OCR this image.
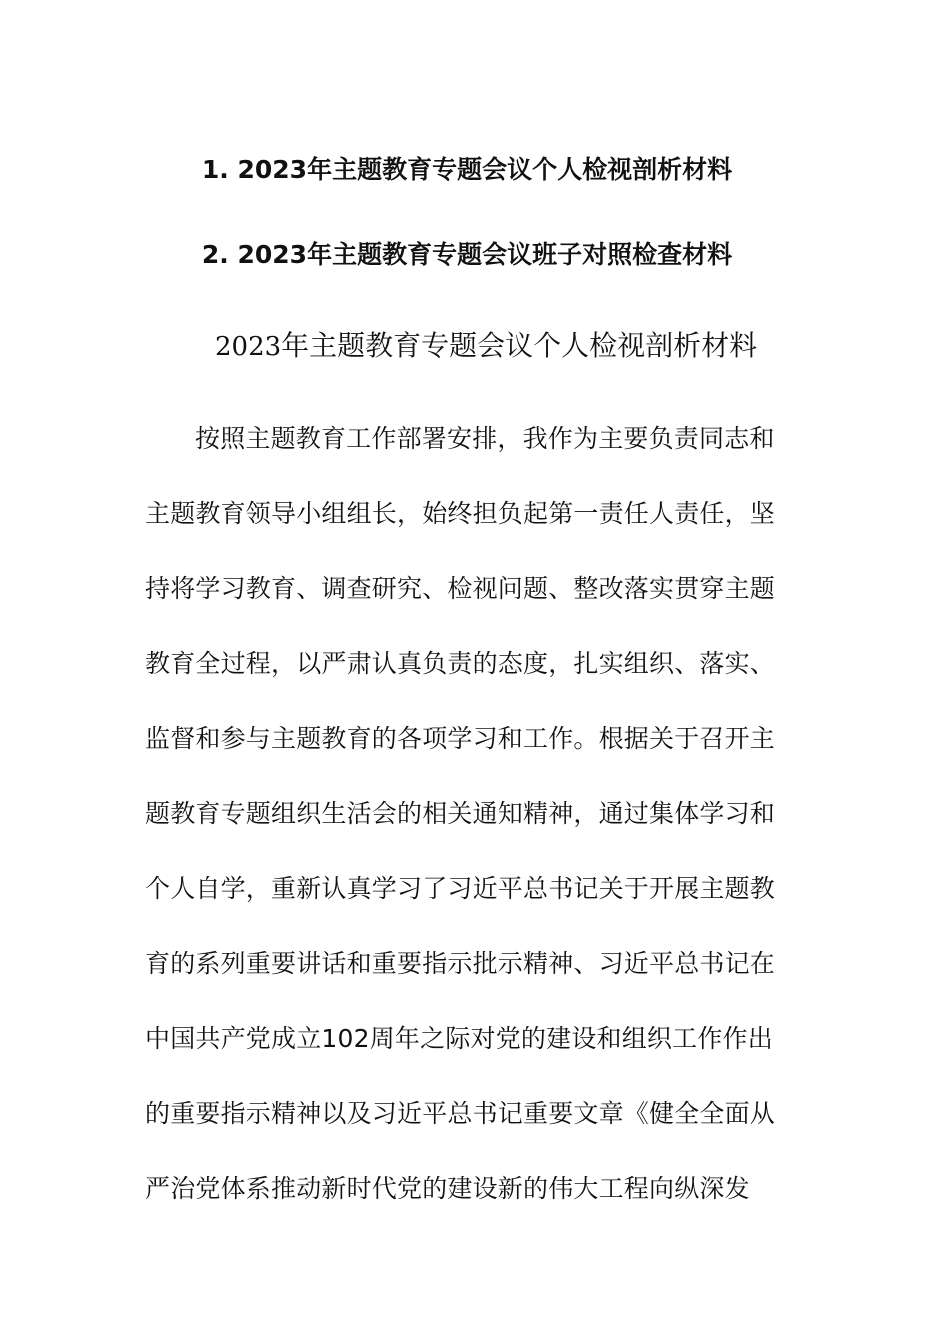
1. 2023年主题教育专题会议个人检视剖析材料
2. 2023年主题教育专题会议班子对照检查材料
2023年主题教育专题会议个人检视剖析材料
按照主题教育工作部署安排，我作为主要负责同志和
主题教育领导小组组长，始终担负起第一责任人责任，坚
持将学习教育、调查研究、检视问题、整改落实贯穿主题
教育全过程，以严肃认真负责的态度，扎实组织、落实、
监督和参与主题教育的各项学习和工作。根据关于召开主
题教育专题组织生活会的相关通知精神，通过集体学习和
个人自学，重新认真学习了习近平总书记关于开展主题教
育的系列重要讲话和重要指示批示精神、习近平总书记在
中国共产党成立102周年之际对党的建设和组织工作作出
的重要指示精神以及习近平总书记重要文章《健全全面从
严治党体系推动新时代党的建设新的伟大工程向纵深发
